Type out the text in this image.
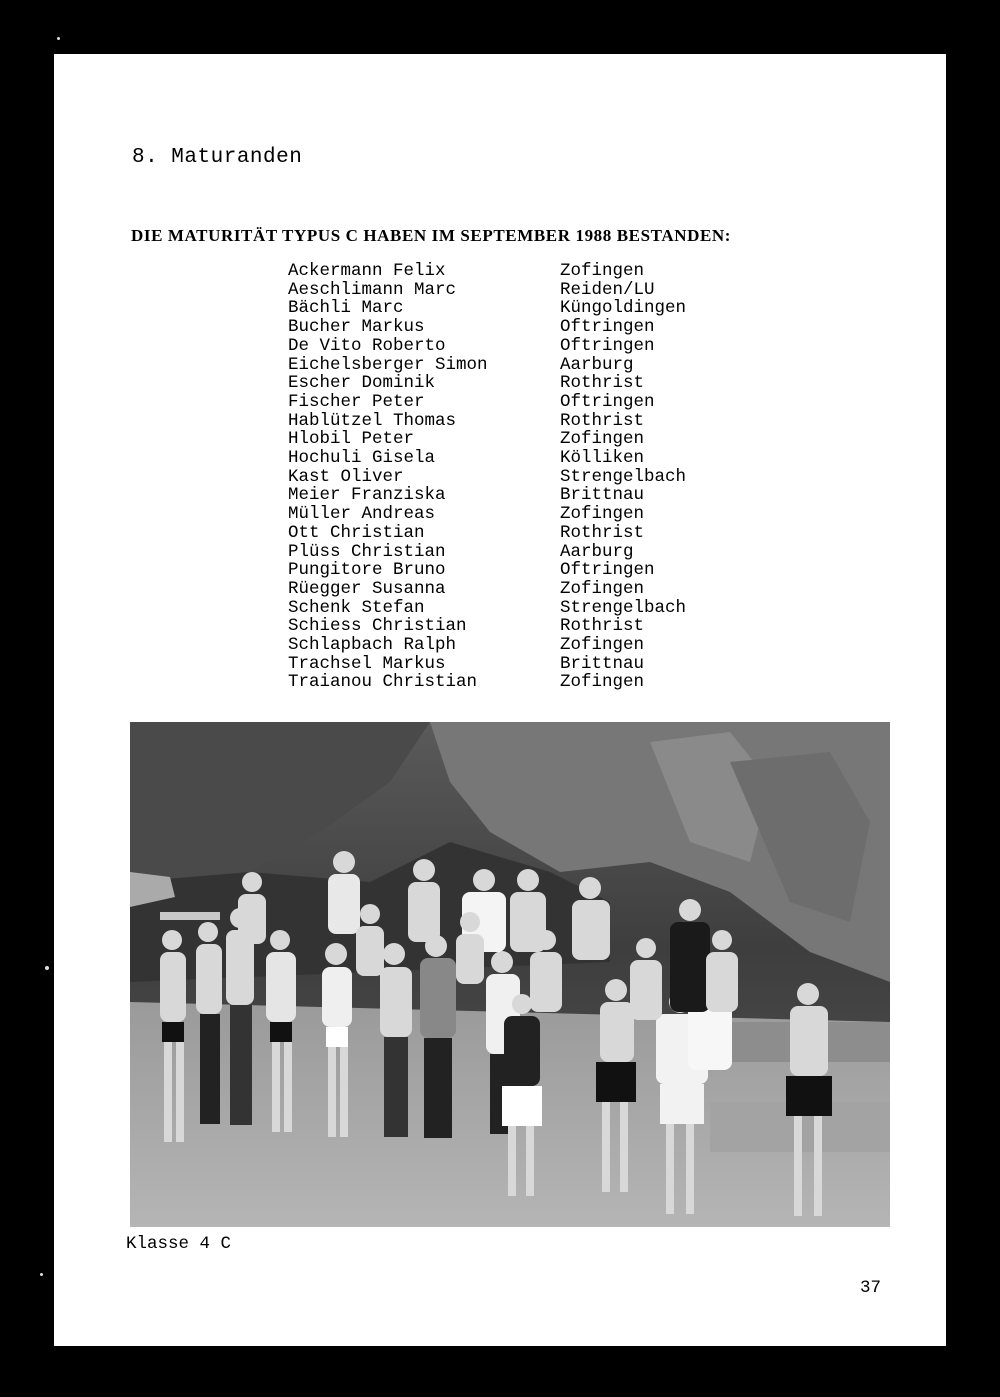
8. Maturanden
DIE MATURITÄT TYPUS C HABEN IM SEPTEMBER 1988 BESTANDEN:
Ackermann Felix	Zofingen
Aeschlimann Marc	Reiden/LU
Bächli Marc	Küngoldingen
Bucher Markus	Oftringen
De Vito Roberto	Oftringen
Eichelsberger Simon	Aarburg
Escher Dominik	Rothrist
Fischer Peter	Oftringen
Hablützel Thomas	Rothrist
Hlobil Peter	Zofingen
Hochuli Gisela	Kölliken
Kast Oliver	Strengelbach
Meier Franziska	Brittnau
Müller Andreas	Zofingen
Ott Christian	Rothrist
Plüss Christian	Aarburg
Pungitore Bruno	Oftringen
Rüegger Susanna	Zofingen
Schenk Stefan	Strengelbach
Schiess Christian	Rothrist
Schlapbach Ralph	Zofingen
Trachsel Markus	Brittnau
Traianou Christian	Zofingen
Klasse 4 C
37
